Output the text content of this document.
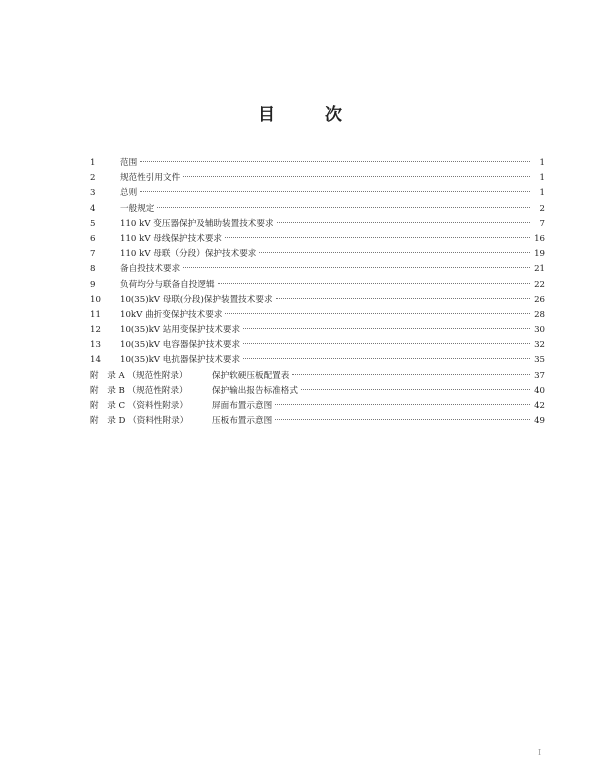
目 次
1	范围	1
2	规范性引用文件	1
3	总则	1
4	一般规定	2
5	110 kV 变压器保护及辅助装置技术要求	7
6	110 kV 母线保护技术要求	16
7	110 kV 母联（分段）保护技术要求	19
8	备自投技术要求	21
9	负荷均分与联备自投逻辑	22
10	10(35)kV 母联(分段)保护装置技术要求	26
11	10kV 曲折变保护技术要求	28
12	10(35)kV 站用变保护技术要求	30
13	10(35)kV 电容器保护技术要求	32
14	10(35)kV 电抗器保护技术要求	35
附　录 A （规范性附录）	保护软硬压板配置表	37
附　录 B （规范性附录）	保护输出报告标准格式	40
附　录 C （资料性附录）	屏面布置示意图	42
附　录 D （资料性附录）	压板布置示意图	49
I
